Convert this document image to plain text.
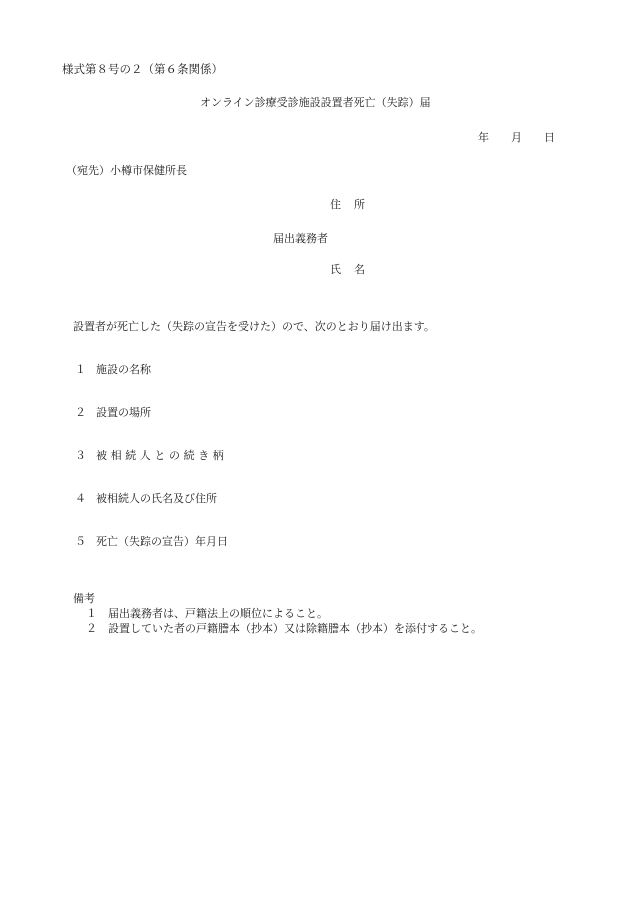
様式第８号の２（第６条関係）
オンライン診療受診施設設置者死亡（失踪）届
年 月 日
（宛先）小樽市保健所長
住　所
届出義務者
氏　名
設置者が死亡した（失踪の宣告を受けた）ので、次のとおり届け出ます。
１ 施設の名称
２ 設置の場所
３ 被相続人との続き柄
４ 被相続人の氏名及び住所
５ 死亡（失踪の宣告）年月日
備考
１ 届出義務者は、戸籍法上の順位によること。
２ 設置していた者の戸籍謄本（抄本）又は除籍謄本（抄本）を添付すること。
